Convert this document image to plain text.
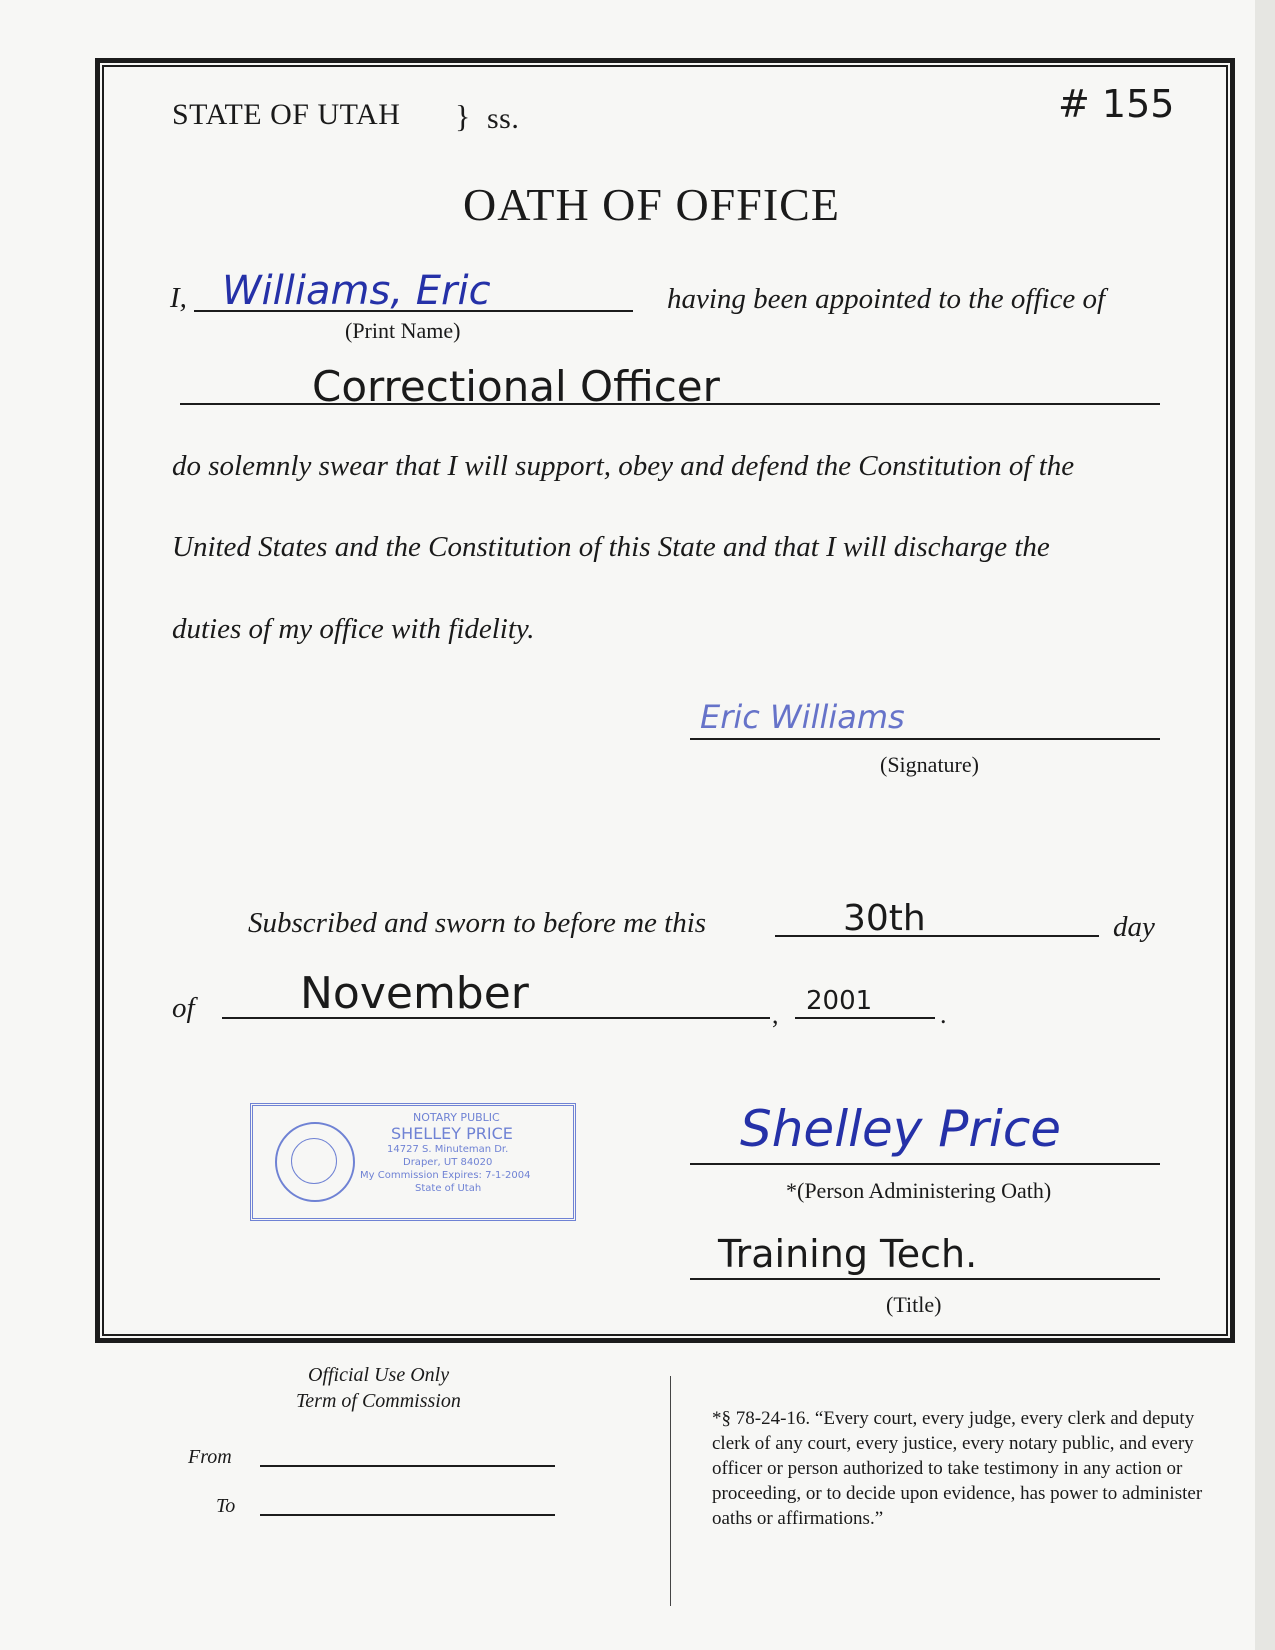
STATE OF UTAH } ss.	# 155
OATH OF OFFICE
I, Williams, Eric
(Print Name)
having been appointed to the office of
Correctional Officer
do solemnly swear that I will support, obey and defend the Constitution of the
United States and the Constitution of this State and that I will discharge the
duties of my office with fidelity.
Eric Williams
(Signature)
Subscribed and sworn to before me this	30th	day
of November	, 2001	.
NOTARY PUBLIC
SHELLEY PRICE
14727 S. Minuteman Dr.
Draper, UT 84020
My Commission Expires: 7-1-2004
State of Utah
Shelley Price
*(Person Administering Oath)
Training Tech.
(Title)
Official Use Only
Term of Commission
From
To
*§ 78-24-16. “Every court, every judge, every clerk and deputy clerk of any court, every justice, every notary public, and every officer or person authorized to take testimony in any action or proceeding, or to decide upon evidence, has power to administer oaths or affirmations.”
